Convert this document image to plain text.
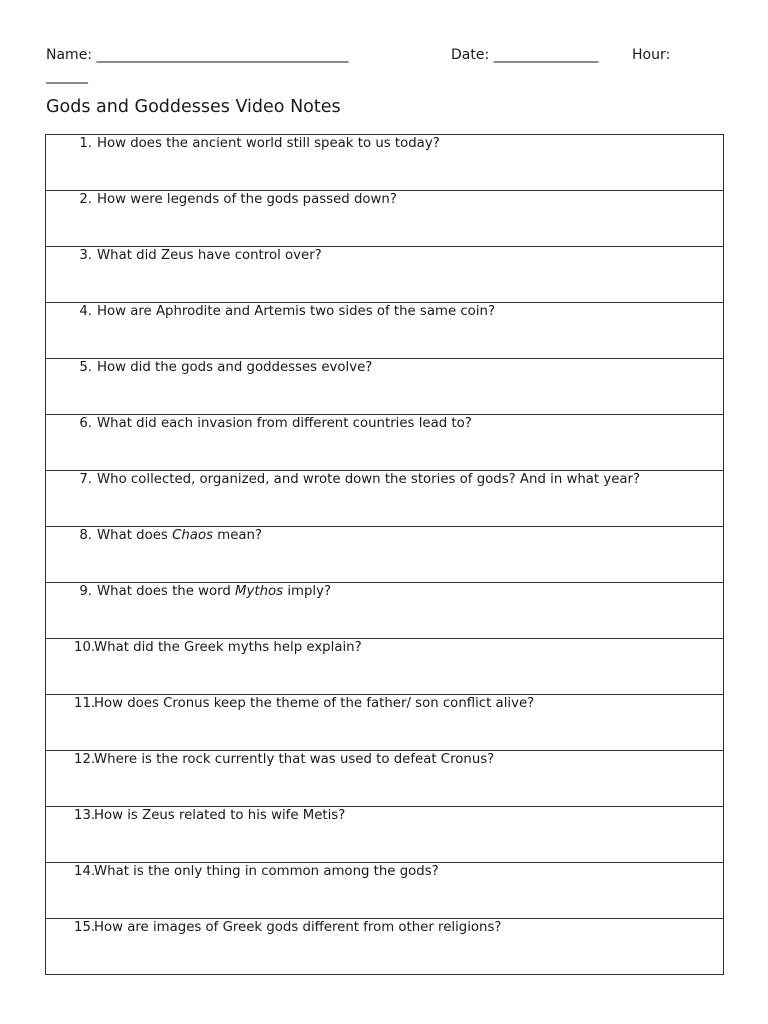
Name: ____________________________________	Date: _______________ Hour:
______
Gods and Goddesses Video Notes
1. How does the ancient world still speak to us today?

2. How were legends of the gods passed down?

3. What did Zeus have control over?

4. How are Aphrodite and Artemis two sides of the same coin?

5. How did the gods and goddesses evolve?

6. What did each invasion from different countries lead to?

7. Who collected, organized, and wrote down the stories of gods? And in what year?

8. What does Chaos mean?

9. What does the word Mythos imply?

10.
What did the Greek myths help explain?

11.
How does Cronus keep the theme of the father/ son conflict alive?

12.
Where is the rock currently that was used to defeat Cronus?

13.
How is Zeus related to his wife Metis?

14.
What is the only thing in common among the gods?

15.
How are images of Greek gods different from other religions?
